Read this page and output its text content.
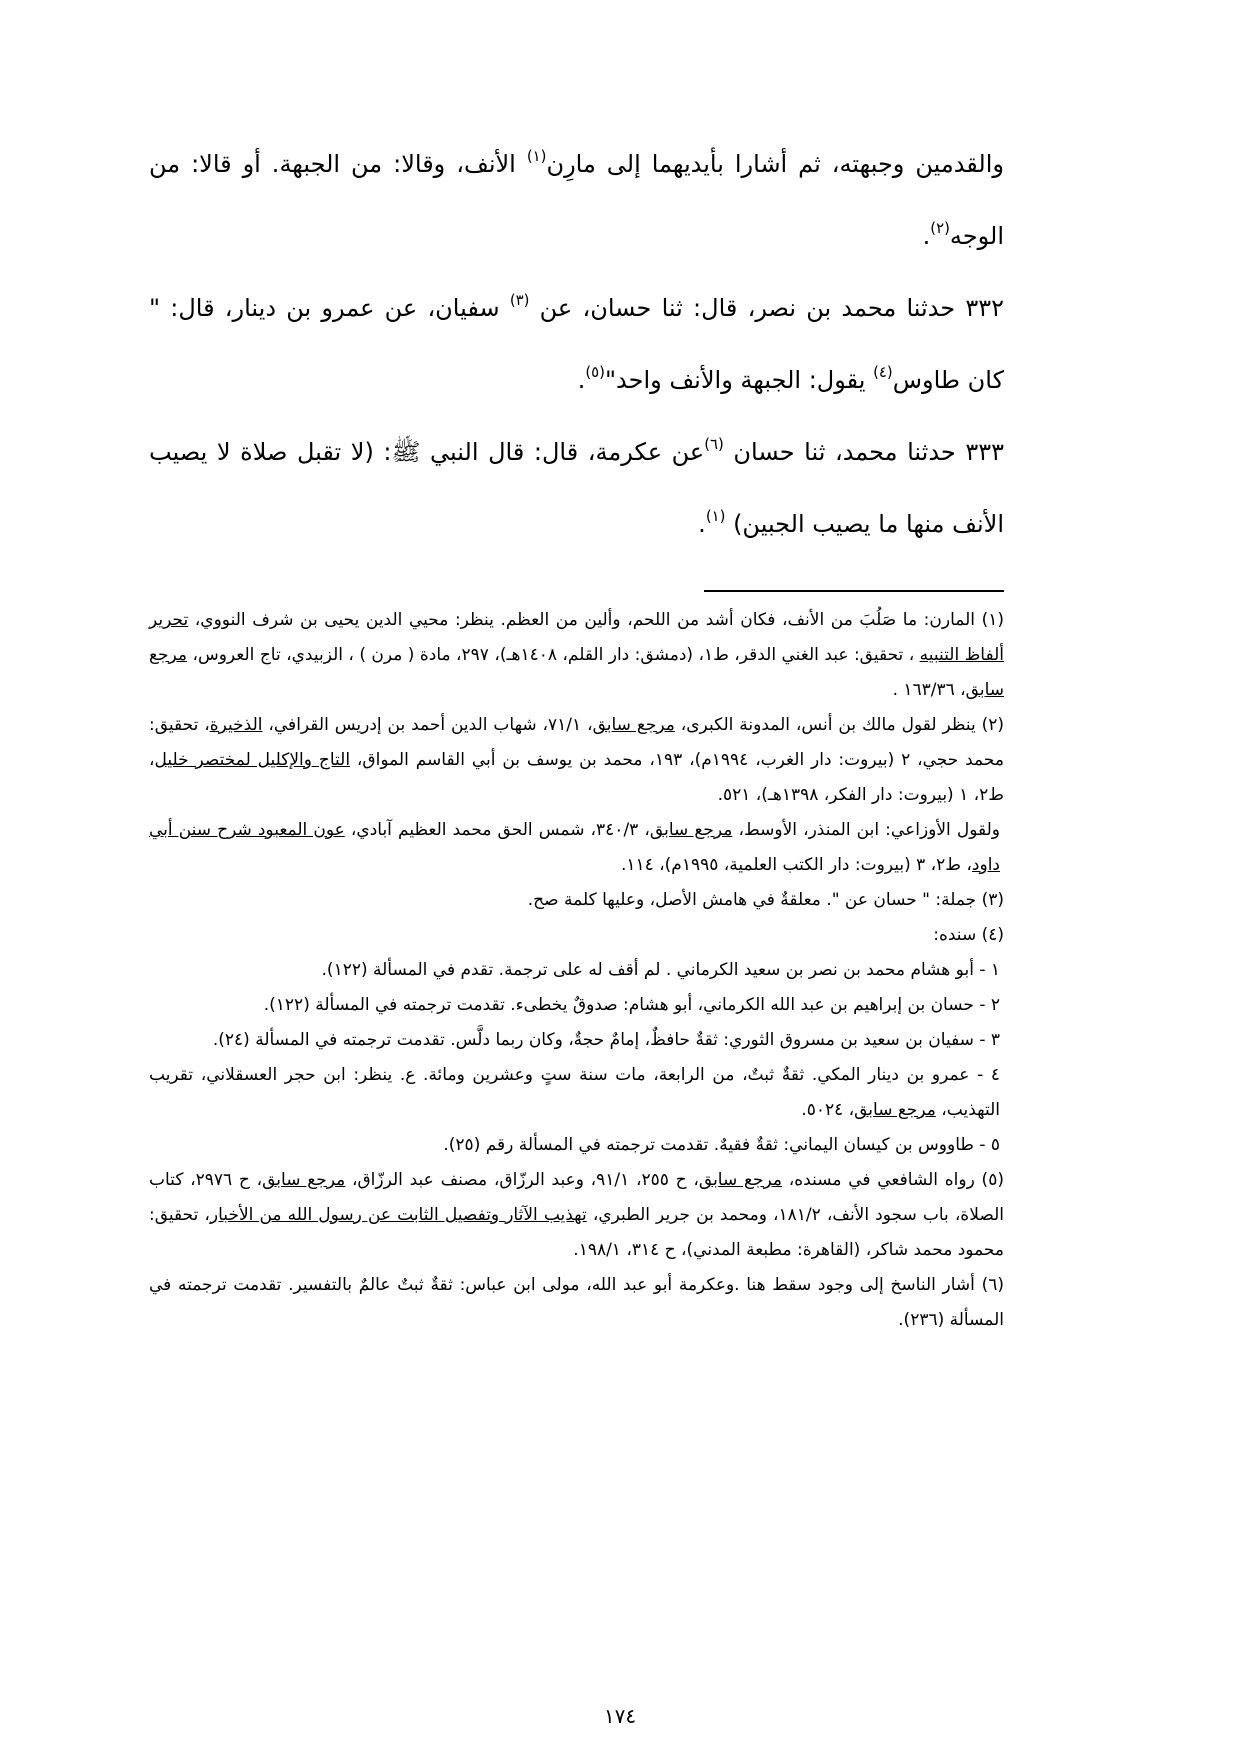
والقدمين وجبهته، ثم أشارا بأيديهما إلى مارِن$^{(١)}$ الأنف، وقالا: من الجبهة. أو قالا: من الوجه$^{(٢)}$.

٣٣٢ حدثنا محمد بن نصر، قال: ثنا حسان، عن $^{(٣)}$ سفيان، عن عمرو بن دينار، قال: " كان طاوس$^{(٤)}$ يقول: الجبهة والأنف واحد"$^{(٥)}$.

٣٣٣ حدثنا محمد، ثنا حسان $^{(٦)}$عن عكرمة، قال: قال النبي ﷺ: (لا تقبل صلاة لا يصيب الأنف منها ما يصيب الجبين) $^{(١)}$.

(١) المارن: ما صَلُبَ من الأنف، فكان أشد من اللحم، وألين من العظم. ينظر: محيي الدين يحيى بن شرف النووي، تحرير ألفاظ التنبيه ، تحقيق: عبد الغني الدقر، ط١، (دمشق: دار القلم، ١٤٠٨هـ)، ٢٩٧، مادة ( مرن ) ، الزبيدي، تاج العروس، مرجع سابق، ١٦٣/٣٦ .

(٢) ينظر لقول مالك بن أنس، المدونة الكبرى، مرجع سابق، ٧١/١، شهاب الدين أحمد بن إدريس القرافي، الذخيرة، تحقيق: محمد حجي، ٢ (بيروت: دار الغرب، ١٩٩٤م)، ١٩٣، محمد بن يوسف بن أبي القاسم المواق، التاج والإكليل لمختصر خليل، ط٢، ١ (بيروت: دار الفكر، ١٣٩٨هـ)، ٥٢١.

ولقول الأوزاعي: ابن المنذر، الأوسط، مرجع سابق، ٣٤٠/٣، شمس الحق محمد العظيم آبادي، عون المعبود شرح سنن أبي داود، ط٢، ٣ (بيروت: دار الكتب العلمية، ١٩٩٥م)، ١١٤.

(٣) جملة: " حسان عن ". معلقةٌ في هامش الأصل، وعليها كلمة صح.

(٤) سنده:

١ - أبو هشام محمد بن نصر بن سعيد الكرماني . لم أقف له على ترجمة. تقدم في المسألة (١٢٢).

٢ - حسان بن إبراهيم بن عبد الله الكرماني، أبو هشام: صدوقٌ يخطىء. تقدمت ترجمته في المسألة (١٢٢).

٣ - سفيان بن سعيد بن مسروق الثوري: ثقةٌ حافظٌ، إمامٌ حجةٌ، وكان ربما دلَّس. تقدمت ترجمته في المسألة (٢٤).

٤ - عمرو بن دينار المكي. ثقةٌ ثبتٌ، من الرابعة، مات سنة ستٍ وعشرين ومائة. ع. ينظر: ابن حجر العسقلاني، تقريب التهذيب، مرجع سابق، ٥٠٢٤.

٥ - طاووس بن كيسان اليماني: ثقةٌ فقيهٌ. تقدمت ترجمته في المسألة رقم (٢٥).

(٥) رواه الشافعي في مسنده، مرجع سابق، ح ٢٥٥، ٩١/١، وعبد الرزّاق، مصنف عبد الرزّاق، مرجع سابق، ح ٢٩٧٦، كتاب الصلاة، باب سجود الأنف، ١٨١/٢، ومحمد بن جرير الطبري، تهذيب الآثار وتفصيل الثابت عن رسول الله من الأخبار، تحقيق: محمود محمد شاكر، (القاهرة: مطبعة المدني)، ح ٣١٤، ١٩٨/١.

(٦) أشار الناسخ إلى وجود سقط هنا .وعكرمة أبو عبد الله، مولى ابن عباس: ثقةٌ ثبتٌ عالمٌ بالتفسير. تقدمت ترجمته في المسألة (٢٣٦).

١٧٤
